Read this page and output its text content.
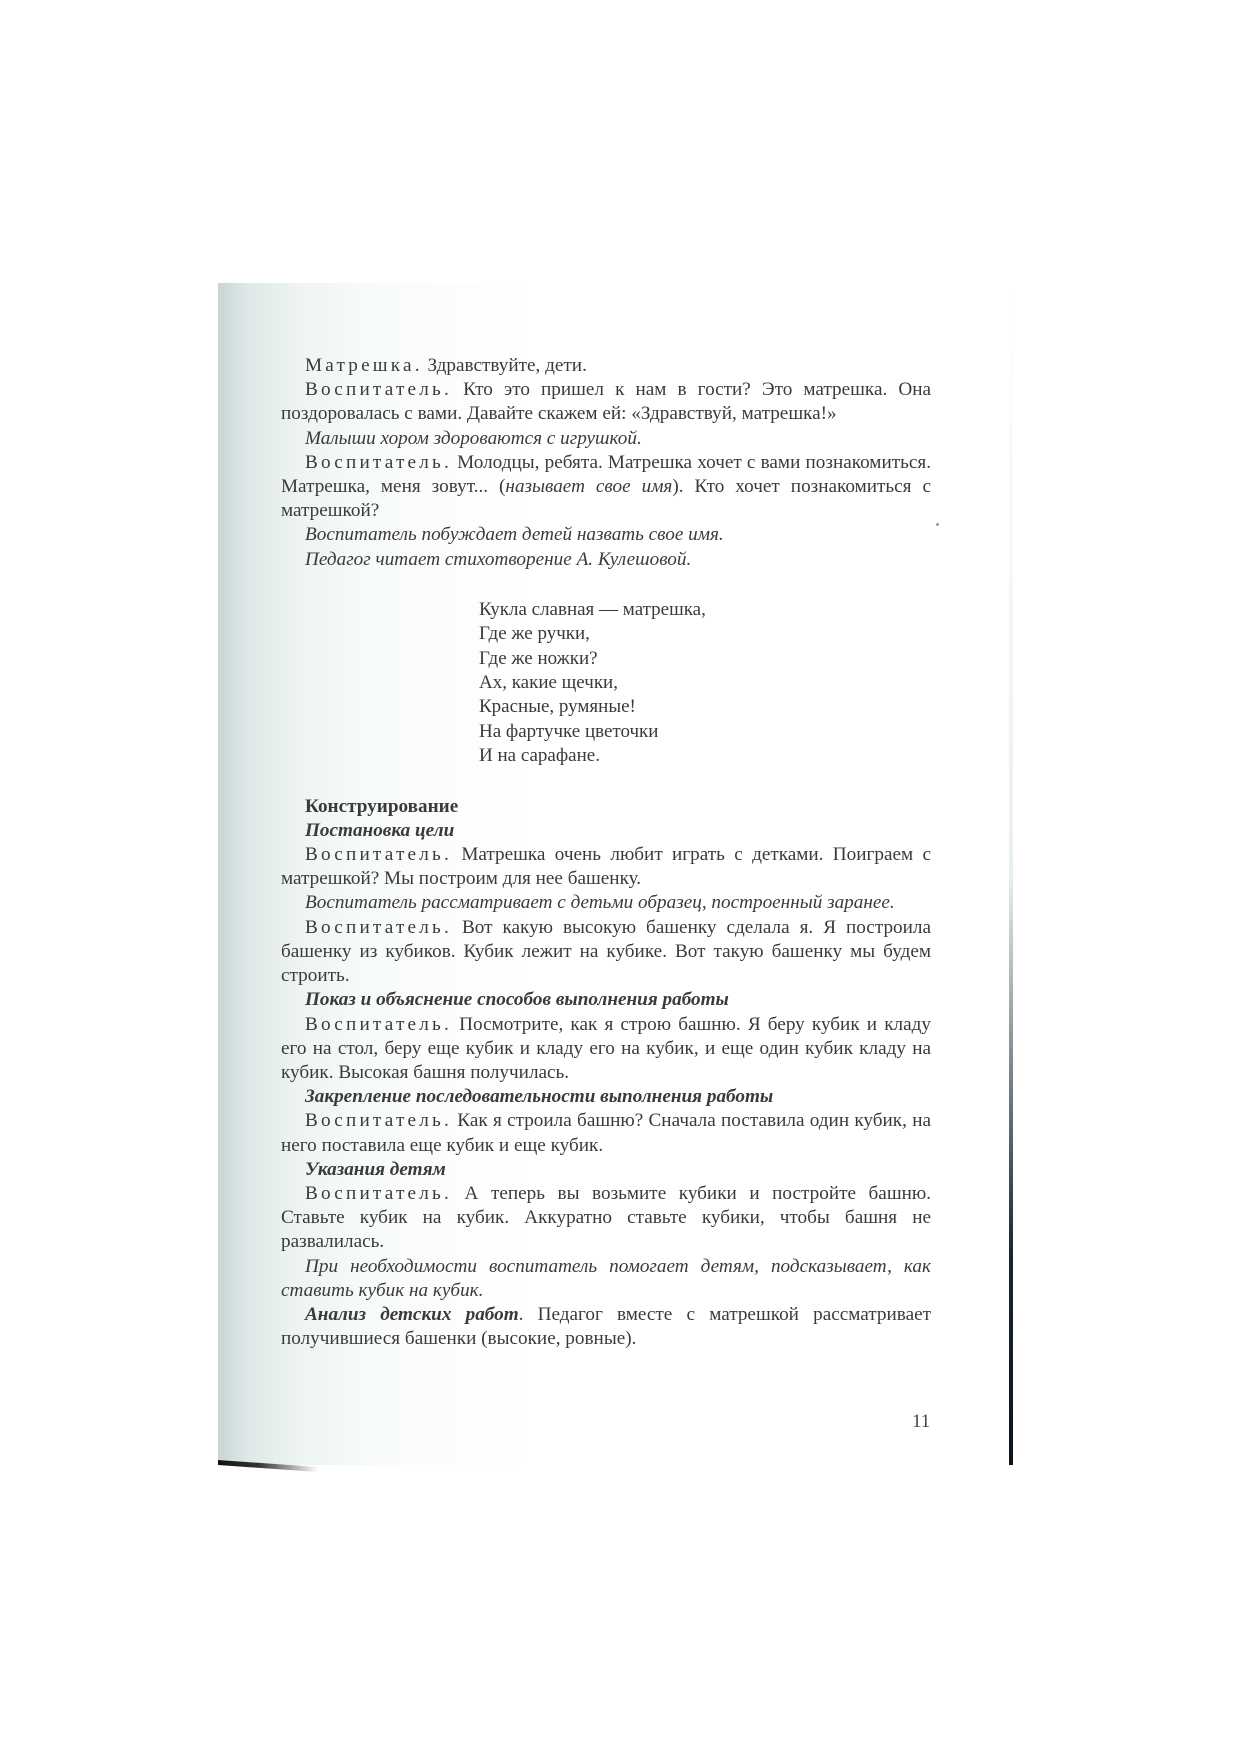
Матрешка. Здравствуйте, дети.

Воспитатель. Кто это пришел к нам в гости? Это матрешка. Она поздоровалась с вами. Давайте скажем ей: «Здравствуй, матрешка!»

Малыши хором здороваются с игрушкой.

Воспитатель. Молодцы, ребята. Матрешка хочет с вами познакомиться. Матрешка, меня зовут... (называет свое имя). Кто хочет познакомиться с матрешкой?

Воспитатель побуждает детей назвать свое имя.

Педагог читает стихотворение А. Кулешовой.

Кукла славная — матрешка,
Где же ручки,
Где же ножки?
Ах, какие щечки,
Красные, румяные!
На фартучке цветочки
И на сарафане.

Конструирование

Постановка цели

Воспитатель. Матрешка очень любит играть с детками. Поиграем с матрешкой? Мы построим для нее башенку.

Воспитатель рассматривает с детьми образец, построенный заранее.

Воспитатель. Вот какую высокую башенку сделала я. Я построила башенку из кубиков. Кубик лежит на кубике. Вот такую башенку мы будем строить.

Показ и объяснение способов выполнения работы

Воспитатель. Посмотрите, как я строю башню. Я беру кубик и кладу его на стол, беру еще кубик и кладу его на кубик, и еще один кубик кладу на кубик. Высокая башня получилась.

Закрепление последовательности выполнения работы

Воспитатель. Как я строила башню? Сначала поставила один кубик, на него поставила еще кубик и еще кубик.

Указания детям

Воспитатель. А теперь вы возьмите кубики и постройте башню. Ставьте кубик на кубик. Аккуратно ставьте кубики, чтобы башня не развалилась.

При необходимости воспитатель помогает детям, подсказывает, как ставить кубик на кубик.

Анализ детских работ. Педагог вместе с матрешкой рассматривает получившиеся башенки (высокие, ровные).

11
